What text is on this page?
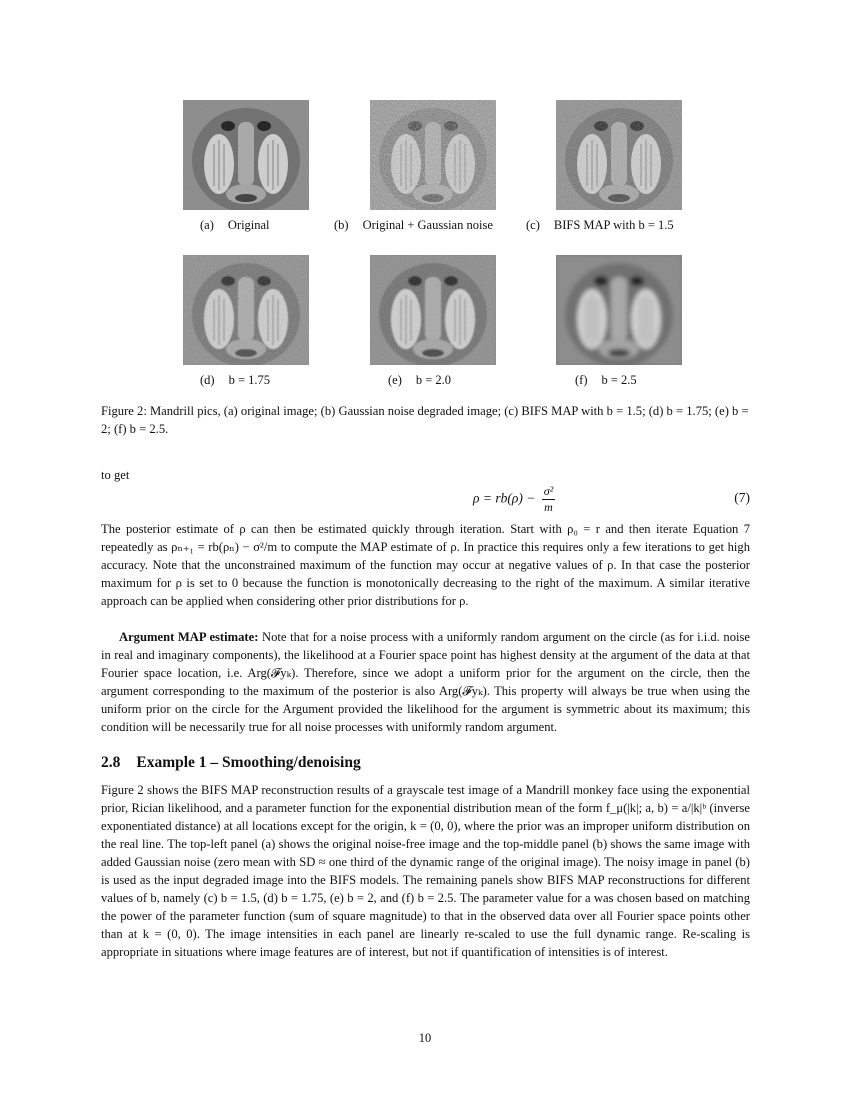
(a) Original	(b) Original + Gaussian noise	(c) BIFS MAP with b = 1.5
(d) b = 1.75	(e) b = 2.0	(f) b = 2.5
Figure 2: Mandrill pics, (a) original image; (b) Gaussian noise degraded image; (c) BIFS MAP with b = 1.5; (d) b = 1.75; (e) b = 2; (f) b = 2.5.
to get
$\rho = rb(\rho) - \frac{\text{σ²}}{m}$	(7)

The posterior estimate of ρ can then be estimated quickly through iteration. Start with ρ₀ = r and then iterate Equation 7 repeatedly as ρₙ₊₁ = rb(ρₙ) − σ²/m to compute the MAP estimate of ρ. In practice this requires only a few iterations to get high accuracy. Note that the unconstrained maximum of the function may occur at negative values of ρ. In that case the posterior maximum for ρ is set to 0 because the function is monotonically decreasing to the right of the maximum. A similar iterative approach can be applied when considering other prior distributions for ρ.

Argument MAP estimate: Note that for a noise process with a uniformly random argument on the circle (as for i.i.d. noise in real and imaginary components), the likelihood at a Fourier space point has highest density at the argument of the data at that Fourier space location, i.e. Arg(𝓕yₖ). Therefore, since we adopt a uniform prior for the argument on the circle, then the argument corresponding to the maximum of the posterior is also Arg(𝓕yₖ). This property will always be true when using the uniform prior on the circle for the Argument provided the likelihood for the argument is symmetric about its maximum; this condition will be necessarily true for all noise processes with uniformly random argument.

2.8 Example 1 – Smoothing/denoising

Figure 2 shows the BIFS MAP reconstruction results of a grayscale test image of a Mandrill monkey face using the exponential prior, Rician likelihood, and a parameter function for the exponential distribution mean of the form f_μ(|k|; a, b) = a/|k|ᵇ (inverse exponentiated distance) at all locations except for the origin, k = (0, 0), where the prior was an improper uniform distribution on the real line. The top-left panel (a) shows the original noise-free image and the top-middle panel (b) shows the same image with added Gaussian noise (zero mean with SD ≈ one third of the dynamic range of the original image). The noisy image in panel (b) is used as the input degraded image into the BIFS models. The remaining panels show BIFS MAP reconstructions for different values of b, namely (c) b = 1.5, (d) b = 1.75, (e) b = 2, and (f) b = 2.5. The parameter value for a was chosen based on matching the power of the parameter function (sum of square magnitude) to that in the observed data over all Fourier space points other than at k = (0, 0). The image intensities in each panel are linearly re-scaled to use the full dynamic range. Re-scaling is appropriate in situations where image features are of interest, but not if quantification of intensities is of interest.

10
